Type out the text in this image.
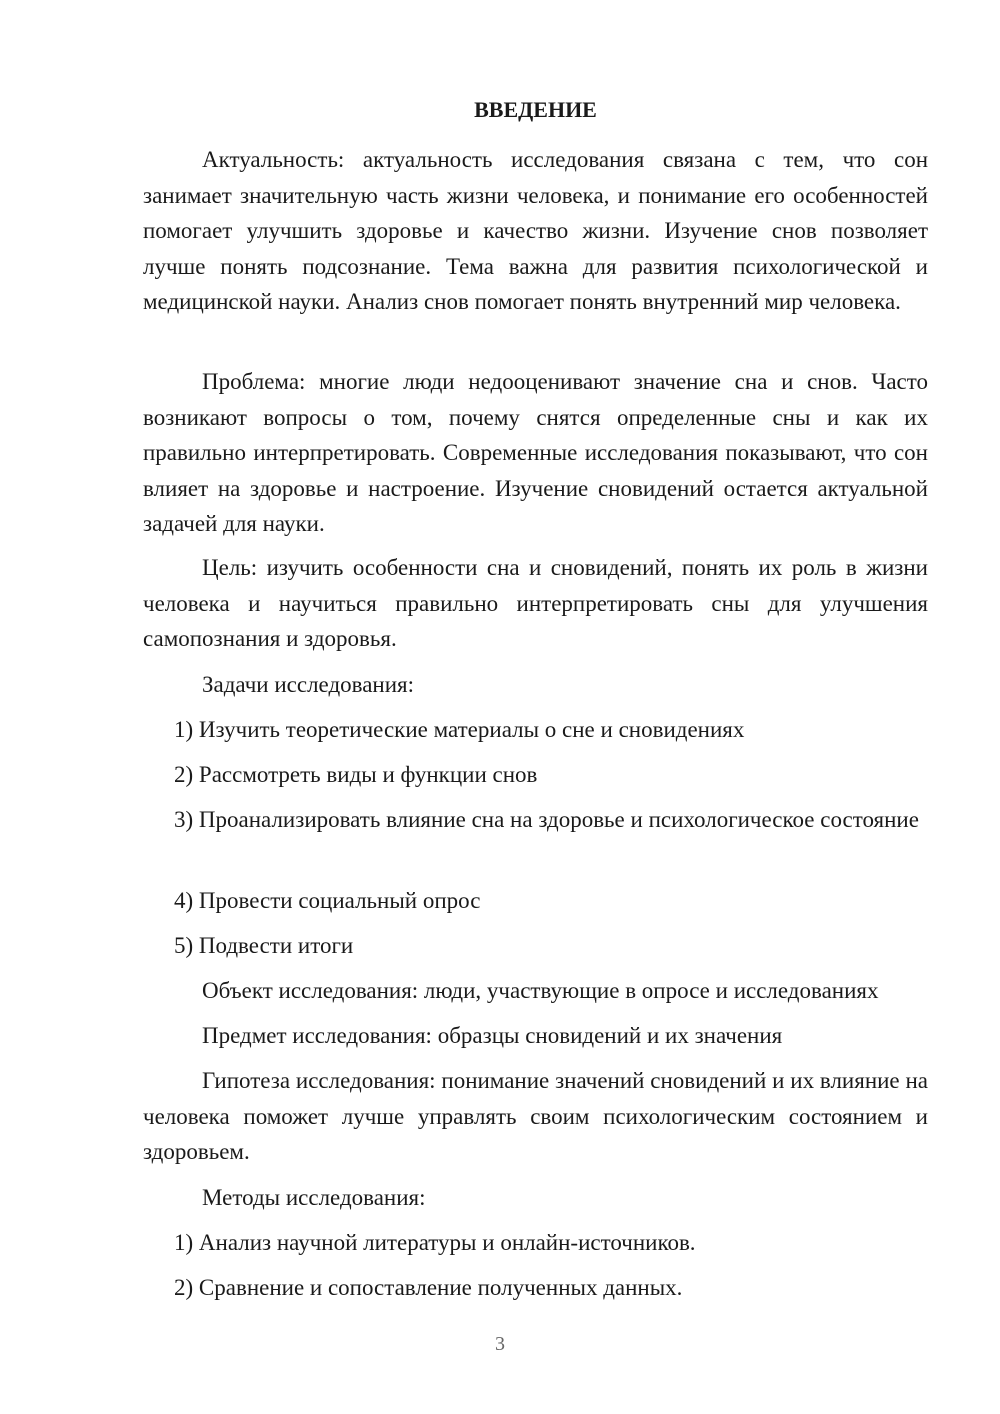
ВВЕДЕНИЕ

Актуальность: актуальность исследования связана с тем, что сон занимает значительную часть жизни человека, и понимание его особенностей помогает улучшить здоровье и качество жизни. Изучение снов позволяет лучше понять подсознание. Тема важна для развития психологической и медицинской науки. Анализ снов помогает понять внутренний мир человека.

Проблема: многие люди недооценивают значение сна и снов. Часто возникают вопросы о том, почему снятся определенные сны и как их правильно интерпретировать. Современные исследования показывают, что сон влияет на здоровье и настроение. Изучение сновидений остается актуальной задачей для науки.

Цель: изучить особенности сна и сновидений, понять их роль в жизни человека и научиться правильно интерпретировать сны для улучшения самопознания и здоровья.

Задачи исследования:

1) Изучить теоретические материалы о сне и сновидениях

2) Рассмотреть виды и функции снов

3) Проанализировать влияние сна на здоровье и психологическое состояние

4) Провести социальный опрос

5) Подвести итоги

Объект исследования: люди, участвующие в опросе и исследованиях

Предмет исследования: образцы сновидений и их значения

Гипотеза исследования: понимание значений сновидений и их влияние на человека поможет лучше управлять своим психологическим состоянием и здоровьем.

Методы исследования:

1) Анализ научной литературы и онлайн-источников.

2) Сравнение и сопоставление полученных данных.

3
